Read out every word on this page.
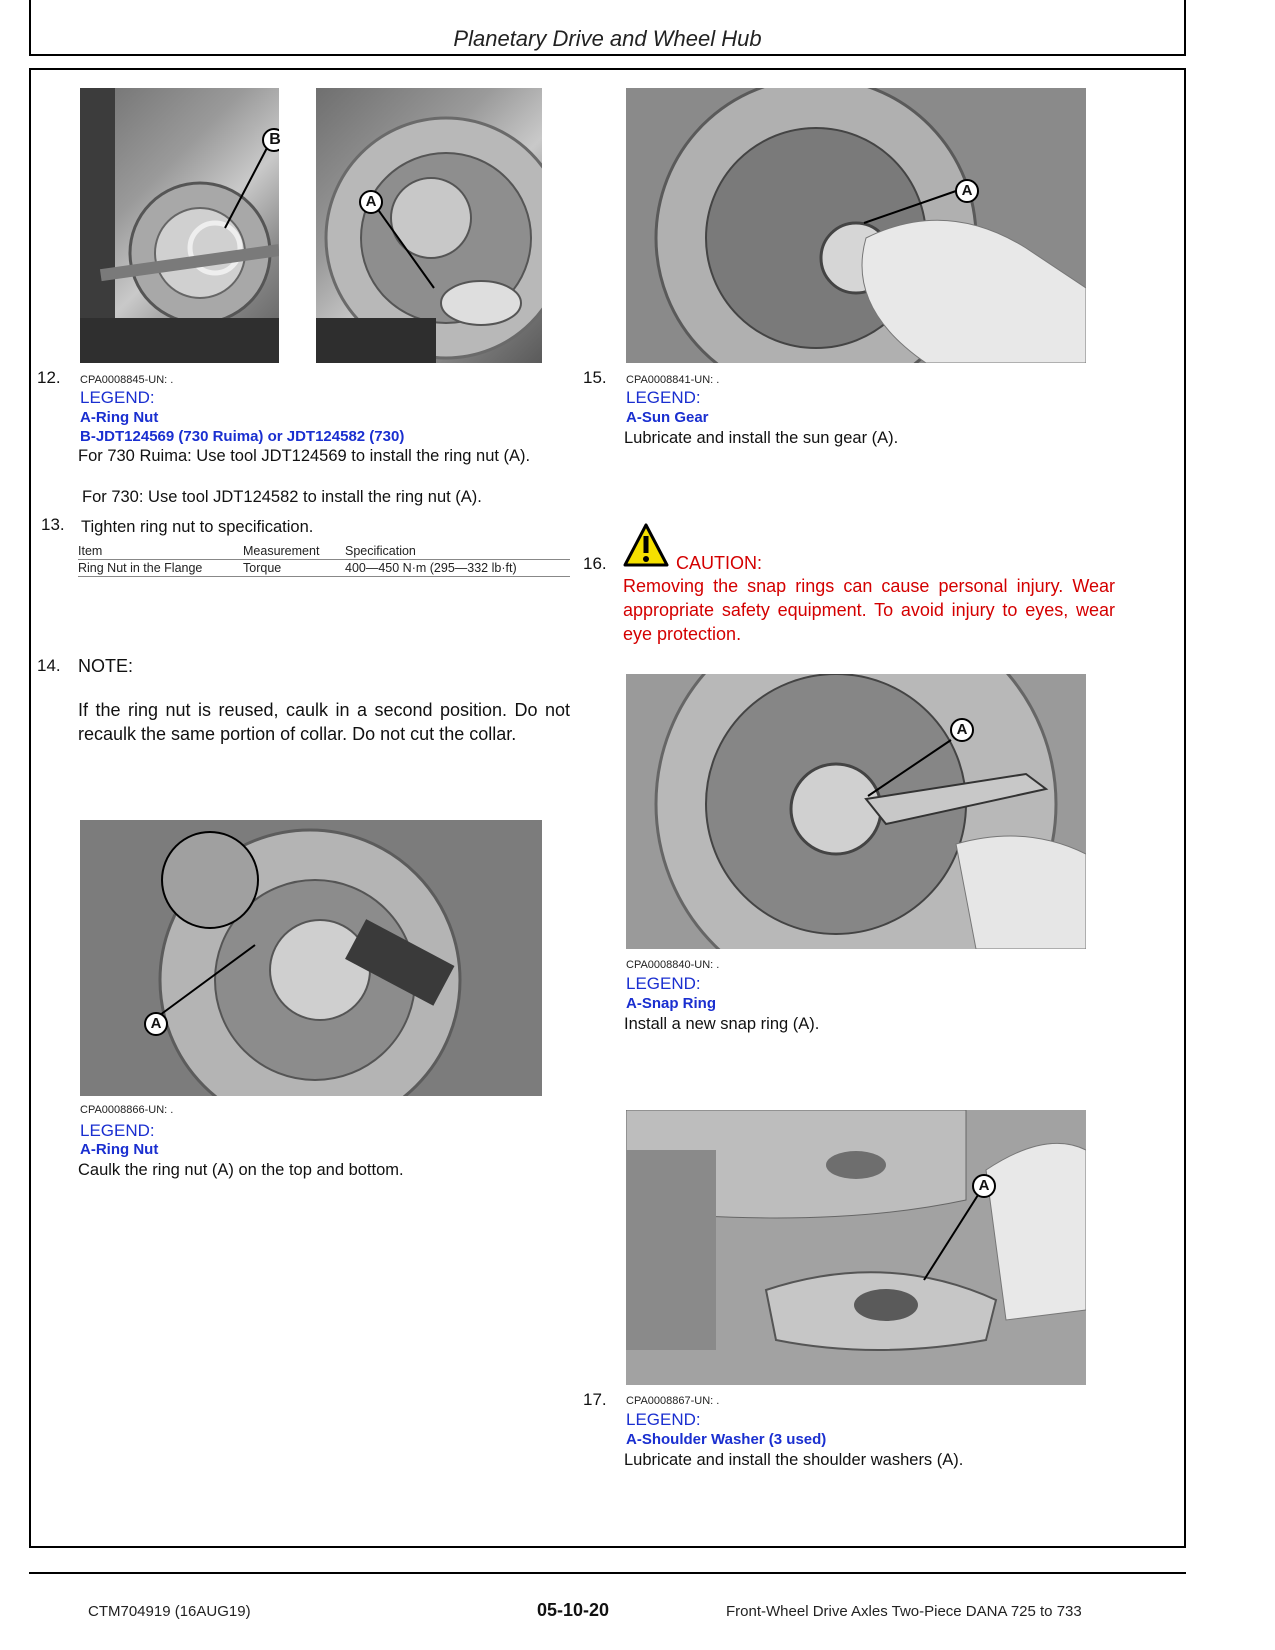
Planetary Drive and Wheel Hub
B
A
12. CPA0008845-UN: .
LEGEND:
A-Ring Nut
B-JDT124569 (730 Ruima) or JDT124582 (730)
For 730 Ruima: Use tool JDT124569 to install the ring nut (A).
For 730: Use tool JDT124582 to install the ring nut (A).
13. Tighten ring nut to specification.
Item	Measurement	Specification
Ring Nut in the Flange	Torque	400—450 N·m (295—332 lb·ft)
14. NOTE:
If the ring nut is reused, caulk in a second position. Do not recaulk the same portion of collar. Do not cut the collar.
A
CPA0008866-UN: .
LEGEND:
A-Ring Nut
Caulk the ring nut (A) on the top and bottom.
A
15. CPA0008841-UN: .
LEGEND:
A-Sun Gear
Lubricate and install the sun gear (A).
16.	CAUTION:
Removing the snap rings can cause personal injury. Wear appropriate safety equipment. To avoid injury to eyes, wear eye protection.
A
CPA0008840-UN: .
LEGEND:
A-Snap Ring
Install a new snap ring (A).
A
17. CPA0008867-UN: .
LEGEND:
A-Shoulder Washer (3 used)
Lubricate and install the shoulder washers (A).
CTM704919 (16AUG19)	05-10-20	Front-Wheel Drive Axles Two-Piece DANA 725 to 733
